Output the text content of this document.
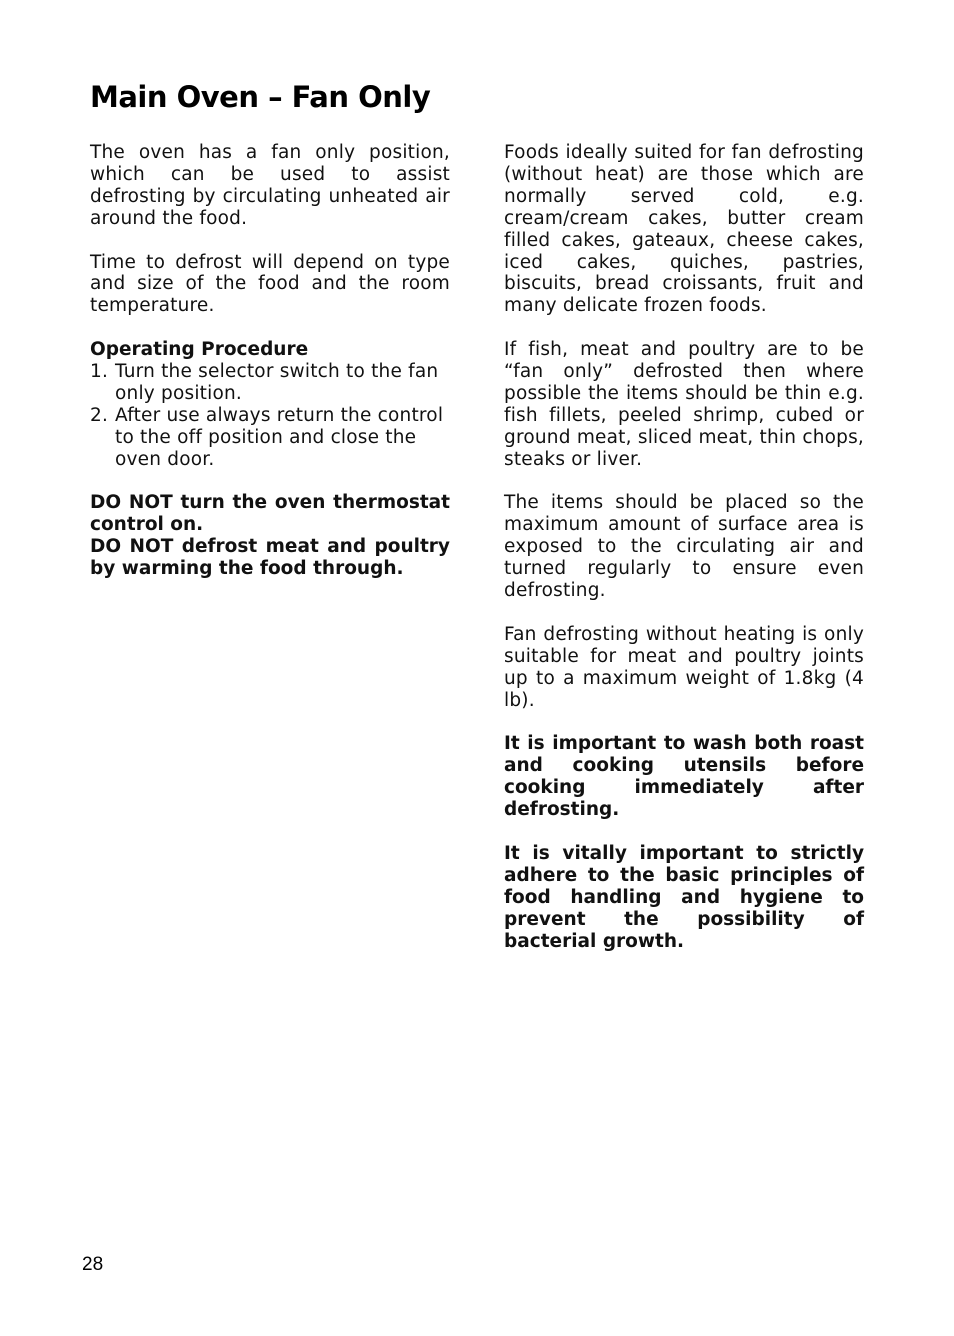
Main Oven – Fan Only

The oven has a fan only position, which can be used to assist defrosting by circulating unheated air around the food.

Time to defrost will depend on type and size of the food and the room temperature.

Operating Procedure

1. Turn the selector switch to the fan only position.
2. After use always return the control to the off position and close the oven door.

DO NOT turn the oven thermostat control on.

DO NOT defrost meat and poultry by warming the food through.

Foods ideally suited for fan defrosting (without heat) are those which are normally served cold, e.g. cream/cream cakes, butter cream filled cakes, gateaux, cheese cakes, iced cakes, quiches, pastries, biscuits, bread croissants, fruit and many delicate frozen foods.

If fish, meat and poultry are to be “fan only” defrosted then where possible the items should be thin e.g. fish fillets, peeled shrimp, cubed or ground meat, sliced meat, thin chops, steaks or liver.

The items should be placed so the maximum amount of surface area is exposed to the circulating air and turned regularly to ensure even defrosting.

Fan defrosting without heating is only suitable for meat and poultry joints up to a maximum weight of 1.8kg (4 lb).

It is important to wash both roast and cooking utensils before cooking immediately after defrosting.

It is vitally important to strictly adhere to the basic principles of food handling and hygiene to prevent the possibility of bacterial growth.

28
